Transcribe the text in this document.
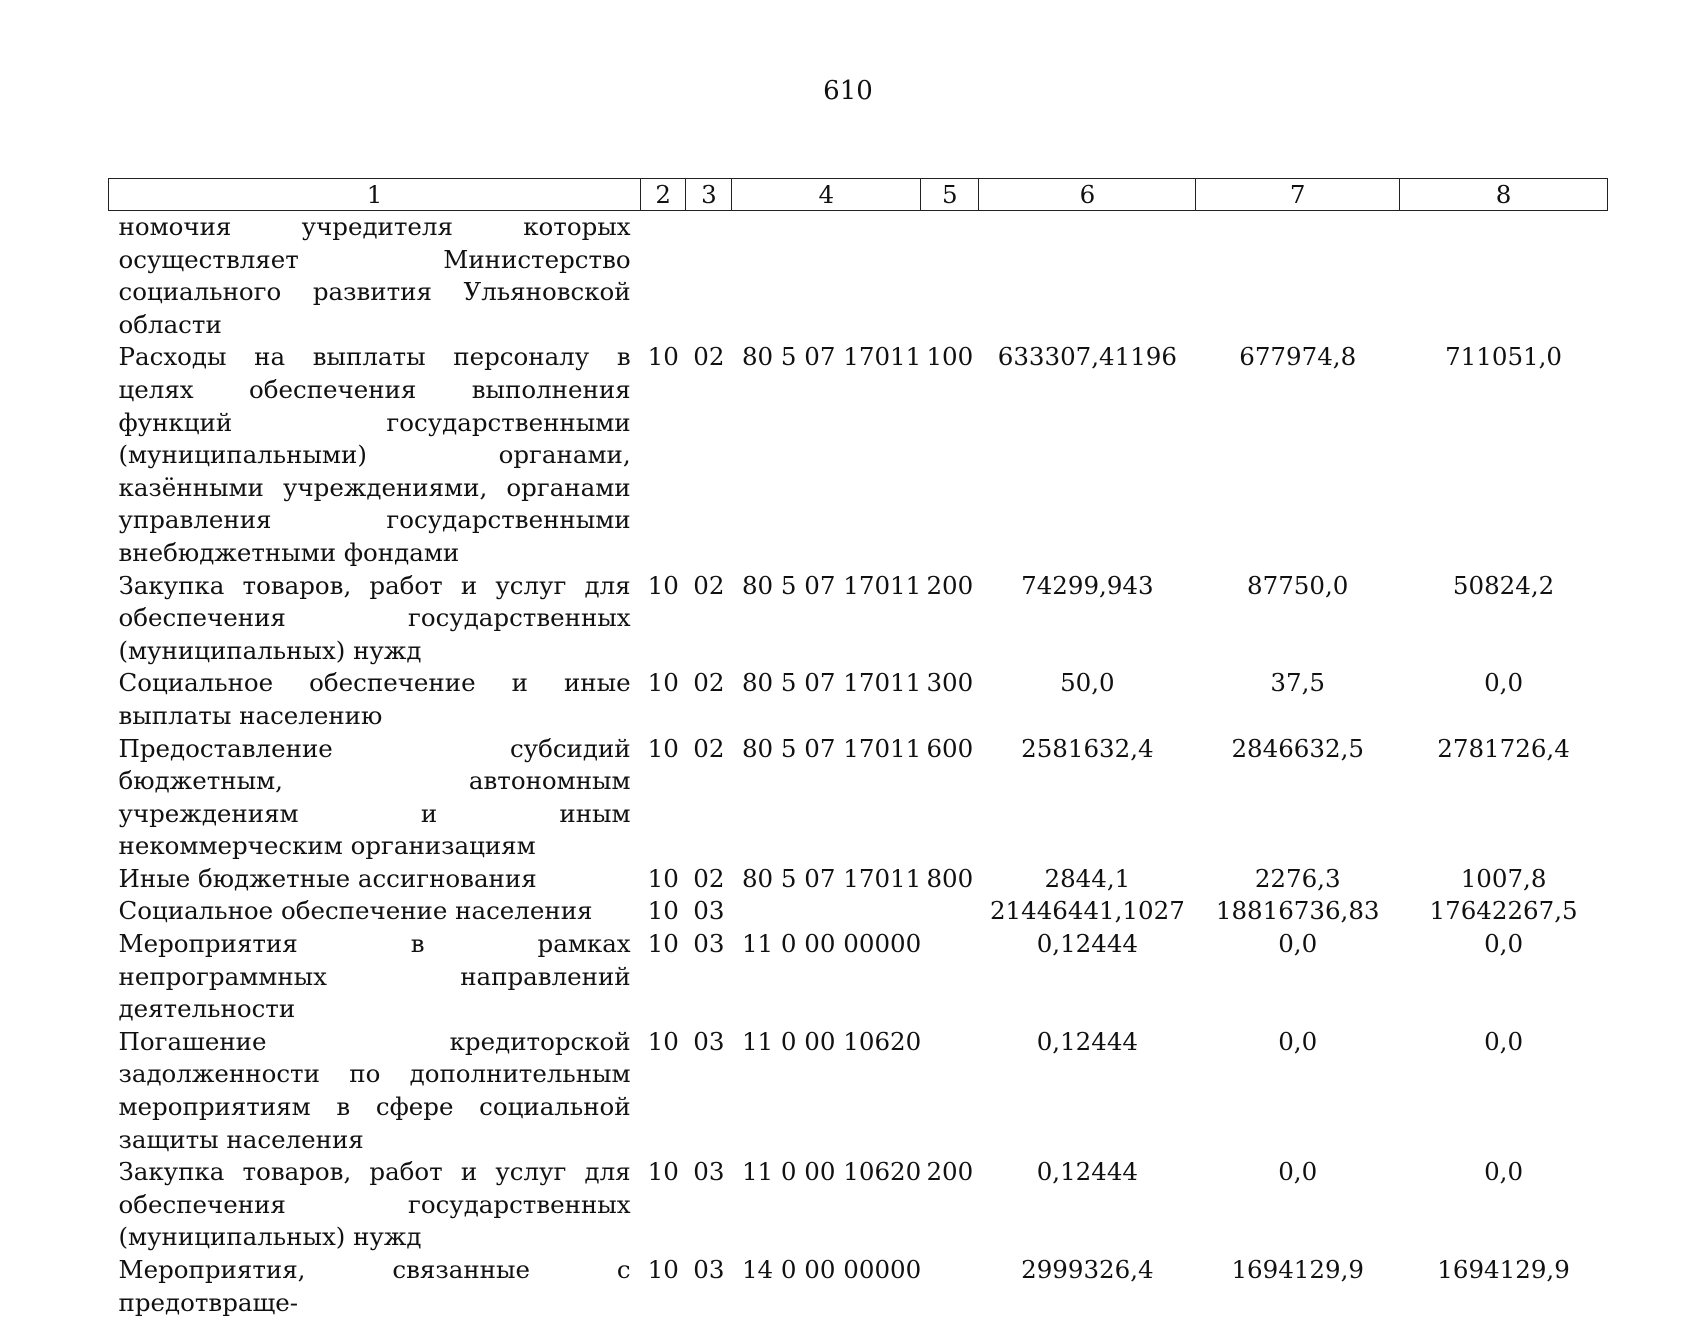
610
1	2	3	4	5	6	7	8
номочия учредителя которых осуществляет Министерство социального развития Ульяновской области							
Расходы на выплаты персоналу в целях обеспечения выполнения функций государственными (муниципальными) органами, казёнными учреждениями, органами управления государственными внебюджетными фондами	10	02	80 5 07 17011	100	633307,41196	677974,8	711051,0
Закупка товаров, работ и услуг для обеспечения государственных (муниципальных) нужд	10	02	80 5 07 17011	200	74299,943	87750,0	50824,2
Социальное обеспечение и иные выплаты населению	10	02	80 5 07 17011	300	50,0	37,5	0,0
Предоставление субсидий бюджетным, автономным учреждениям и иным некоммерческим организациям	10	02	80 5 07 17011	600	2581632,4	2846632,5	2781726,4
Иные бюджетные ассигнования	10	02	80 5 07 17011	800	2844,1	2276,3	1007,8
Социальное обеспечение населения	10	03			21446441,1027	18816736,83	17642267,5
Мероприятия в рамках непрограммных направлений деятельности	10	03	11 0 00 00000		0,12444	0,0	0,0
Погашение кредиторской задолженности по дополнительным мероприятиям в сфере социальной защиты населения	10	03	11 0 00 10620		0,12444	0,0	0,0
Закупка товаров, работ и услуг для обеспечения государственных (муниципальных) нужд	10	03	11 0 00 10620	200	0,12444	0,0	0,0
Мероприятия, связанные с предотвраще-	10	03	14 0 00 00000		2999326,4	1694129,9	1694129,9
